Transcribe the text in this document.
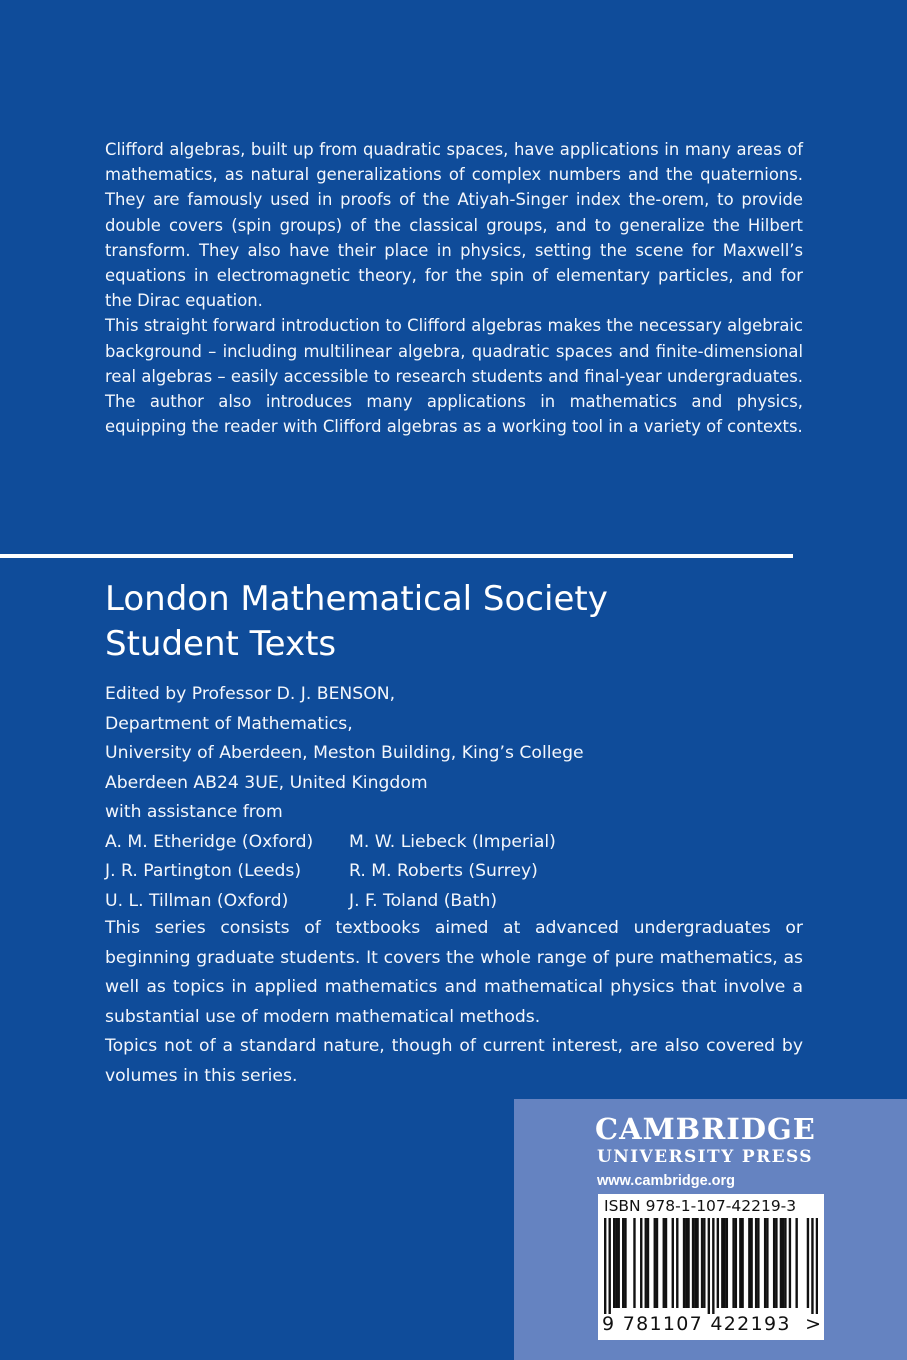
Clifford algebras, built up from quadratic spaces, have applications in many areas of mathematics, as natural generalizations of complex numbers and the quaternions. They are famously used in proofs of the Atiyah-Singer index the-orem, to provide double covers (spin groups) of the classical groups, and to generalize the Hilbert transform. They also have their place in physics, setting the scene for Maxwell’s equations in electromagnetic theory, for the spin of elementary particles, and for the Dirac equation.

This straight forward introduction to Clifford algebras makes the necessary algebraic background – including multilinear algebra, quadratic spaces and finite-dimensional real algebras – easily accessible to research students and final-year undergraduates. The author also introduces many applications in mathematics and physics, equipping the reader with Clifford algebras as a working tool in a variety of contexts.

London Mathematical Society
Student Texts
Edited by Professor D. J. BENSON,
Department of Mathematics,
University of Aberdeen, Meston Building, King’s College
Aberdeen AB24 3UE, United Kingdom
with assistance from
A. M. Etheridge (Oxford)	M. W. Liebeck (Imperial)
J. R. Partington (Leeds)	R. M. Roberts (Surrey)
U. L. Tillman (Oxford)	J. F. Toland (Bath)

This series consists of textbooks aimed at advanced undergraduates or beginning graduate students. It covers the whole range of pure mathematics, as well as topics in applied mathematics and mathematical physics that involve a substantial use of modern mathematical methods.

Topics not of a standard nature, though of current interest, are also covered by volumes in this series.

CAMBRIDGE
UNIVERSITY PRESS
www.cambridge.org
ISBN 978-1-107-42219-3
9 781107 422193 >
